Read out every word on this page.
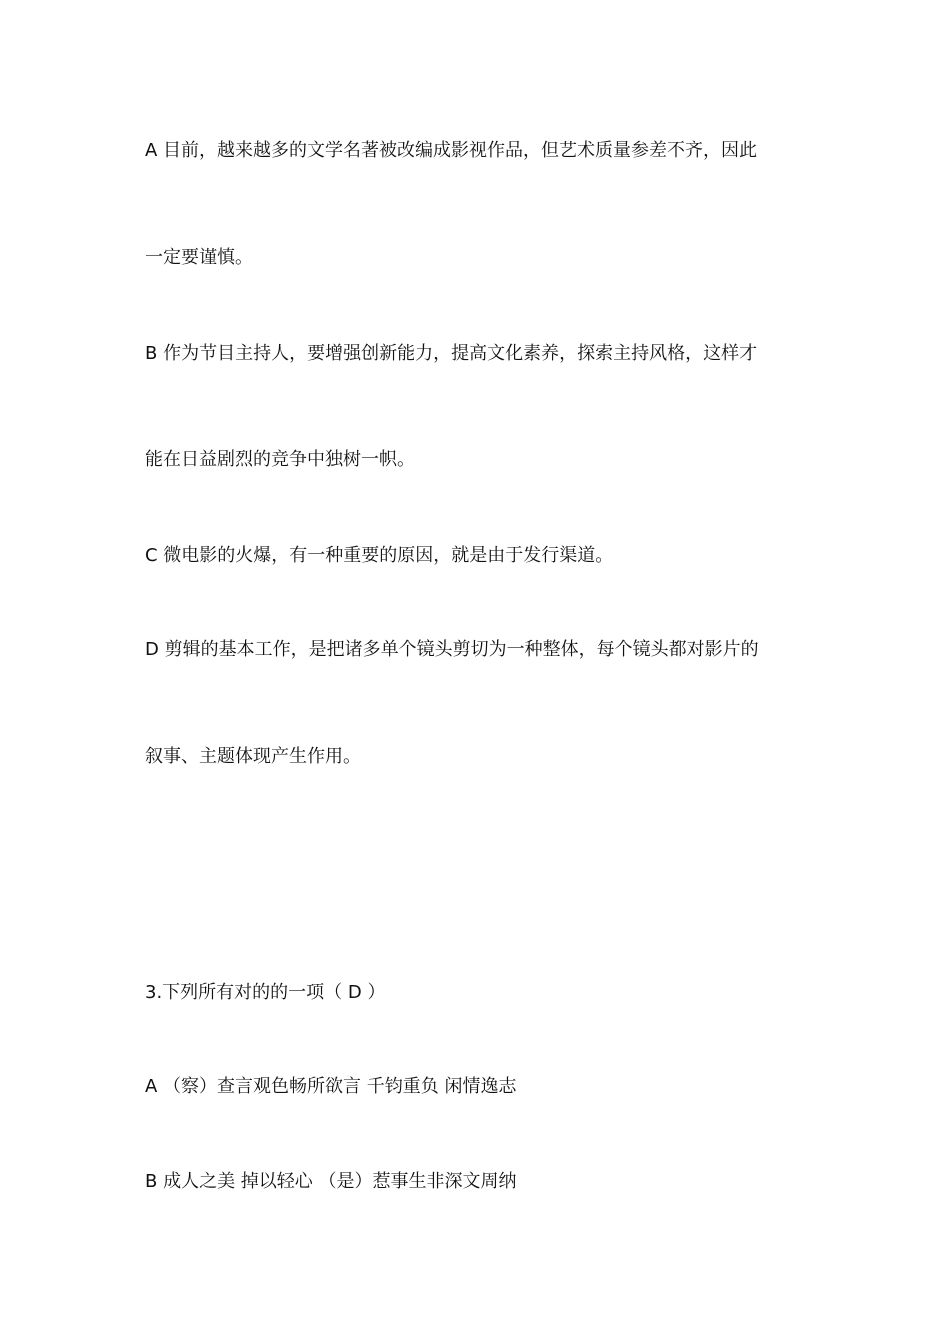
A 目前，越来越多的文学名著被改编成影视作品，但艺术质量参差不齐，因此
一定要谨慎。
B 作为节目主持人，要增强创新能力，提高文化素养，探索主持风格，这样才
能在日益剧烈的竞争中独树一帜。
C 微电影的火爆，有一种重要的原因，就是由于发行渠道。
D 剪辑的基本工作，是把诸多单个镜头剪切为一种整体，每个镜头都对影片的
叙事、主题体现产生作用。
3.下列所有对的的一项（ D ）
A （察）查言观色畅所欲言 千钧重负 闲情逸志
B 成人之美 掉以轻心 （是）惹事生非深文周纳
